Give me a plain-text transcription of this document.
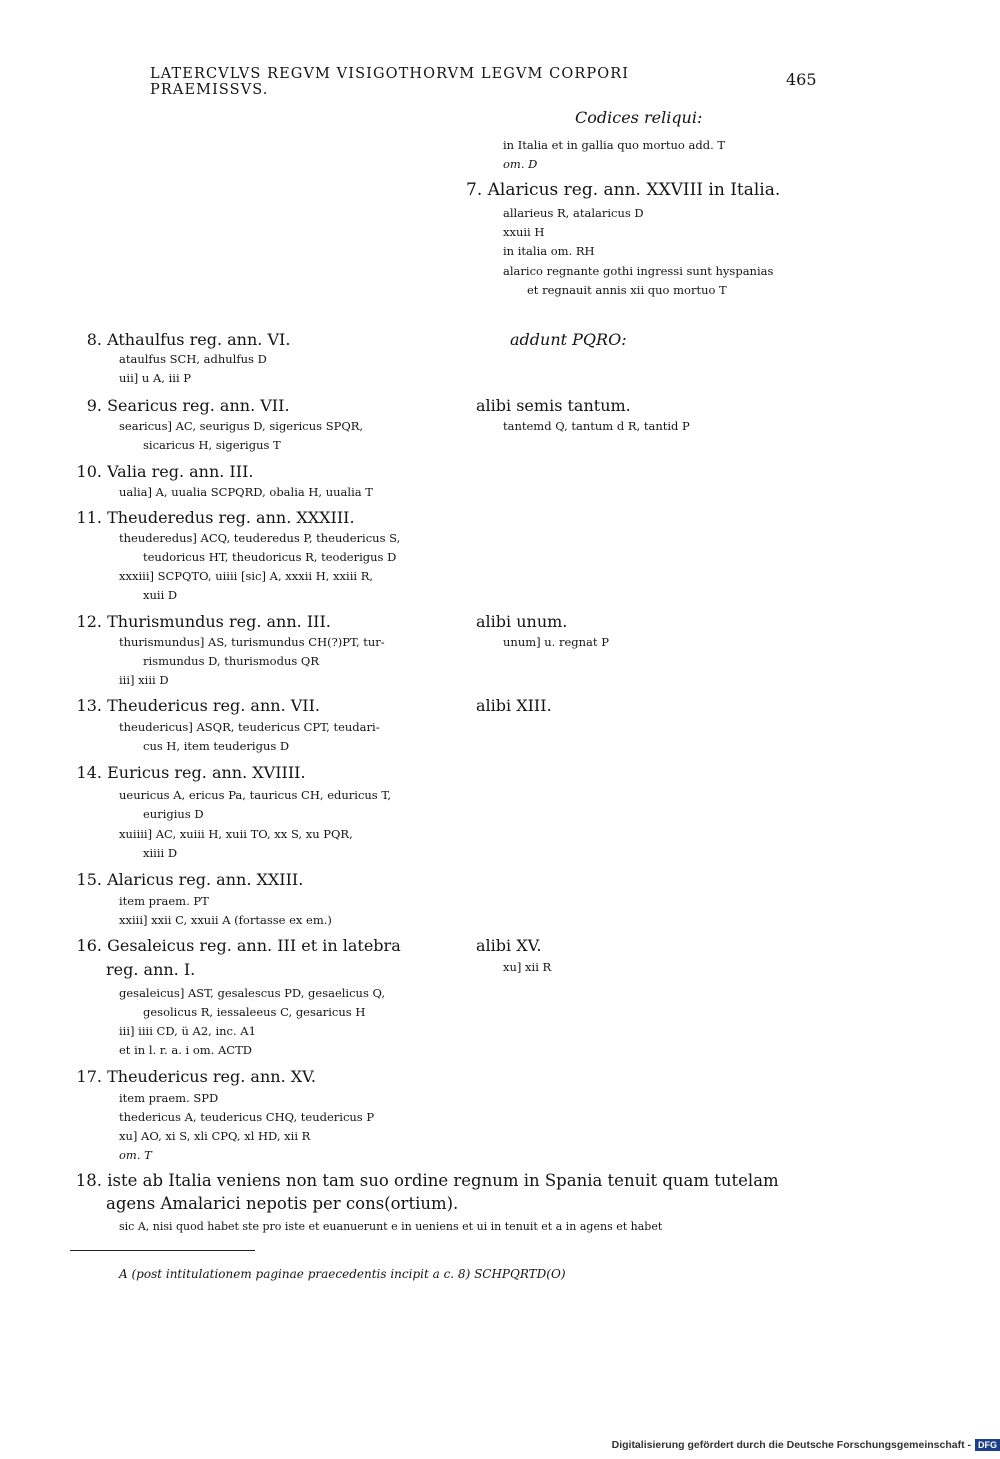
LATERCVLVS REGVM VISIGOTHORVM LEGVM CORPORI PRAEMISSVS.
465
Codices reliqui:
in Italia et in gallia quo mortuo add. T
om. D
7. Alaricus reg. ann. XXVIII in Italia.
allarieus R, atalaricus D
xxuii H
in italia om. RH
alarico regnante gothi ingressi sunt hyspanias
et regnauit annis xii quo mortuo T
addunt PQRO:
alibi semis tantum.
tantemd Q, tantum d R, tantid P
alibi unum.
unum] u. regnat P
alibi XIII.
alibi XV.
xu] xii R
8. Athaulfus reg. ann. VI.
ataulfus SCH, adhulfus D
uii] u A, iii P
9. Searicus reg. ann. VII.
searicus] AC, seurigus D, sigericus SPQR,
sicaricus H, sigerigus T
10. Valia reg. ann. III.
ualia] A, uualia SCPQRD, obalia H, uualia T
11. Theuderedus reg. ann. XXXIII.
theuderedus] ACQ, teuderedus P, theudericus S,
teudoricus HT, theudoricus R, teoderigus D
xxxiii] SCPQTO, uiiii [sic] A, xxxii H, xxiii R,
xuii D
12. Thurismundus reg. ann. III.
thurismundus] AS, turismundus CH(?)PT, tur-
rismundus D, thurismodus QR
iii] xiii D
13. Theudericus reg. ann. VII.
theudericus] ASQR, teudericus CPT, teudari-
cus H, item teuderigus D
14. Euricus reg. ann. XVIIII.
ueuricus A, ericus Pa, tauricus CH, eduricus T,
eurigius D
xuiiii] AC, xuiii H, xuii TO, xx S, xu PQR,
xiiii D
15. Alaricus reg. ann. XXIII.
item praem. PT
xxiii] xxii C, xxuii A (fortasse ex em.)
16. Gesaleicus reg. ann. III et in latebra
reg. ann. I.
gesaleicus] AST, gesalescus PD, gesaelicus Q,
gesolicus R, iessaleeus C, gesaricus H
iii] iiii CD, ü A2, inc. A1
et in l. r. a. i om. ACTD
17. Theudericus reg. ann. XV.
item praem. SPD
thedericus A, teudericus CHQ, teudericus P
xu] AO, xi S, xli CPQ, xl HD, xii R
om. T
18. iste ab Italia veniens non tam suo ordine regnum in Spania tenuit quam tutelam
agens Amalarici nepotis per cons(ortium).
sic A, nisi quod habet ste pro iste et euanuerunt e in ueniens et ui in tenuit et a in agens et habet
A (post intitulationem paginae praecedentis incipit a c. 8) SCHPQRTD(O)
Digitalisierung gefördert durch die Deutsche Forschungsgemeinschaft - DFG
